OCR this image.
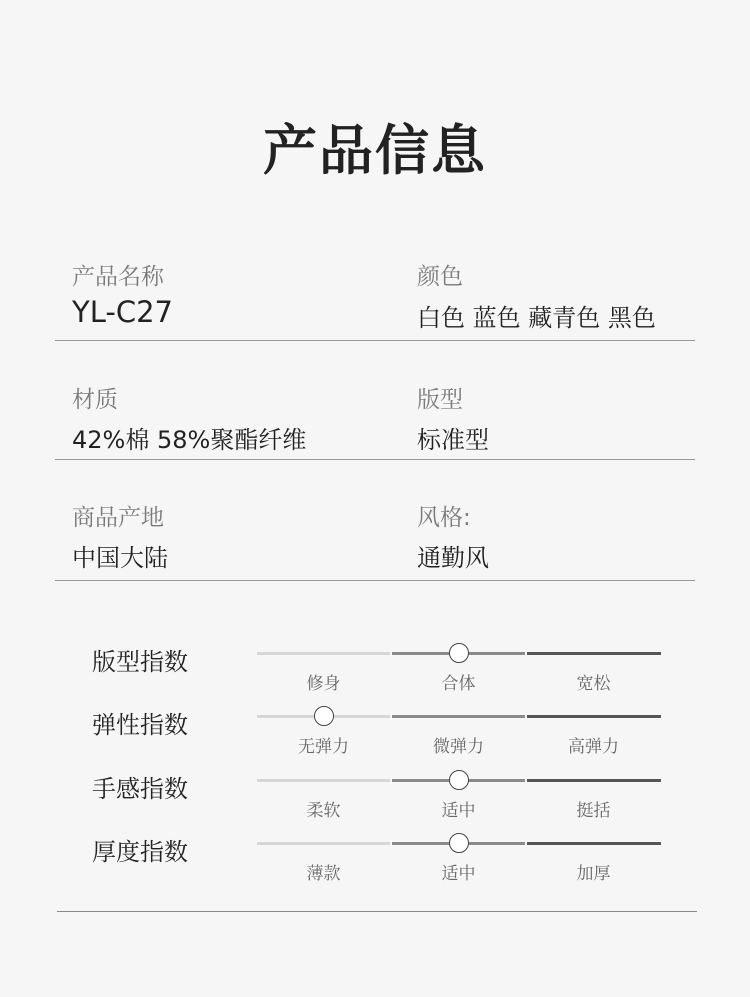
产品信息
产品名称
YL-C27
颜色
白色 蓝色 藏青色 黑色
材质
42%棉 58%聚酯纤维
版型
标准型
商品产地
中国大陆
风格:
通勤风
版型指数
修身	合体	宽松
弹性指数
无弹力	微弹力	高弹力
手感指数
柔软	适中	挺括
厚度指数
薄款	适中	加厚
